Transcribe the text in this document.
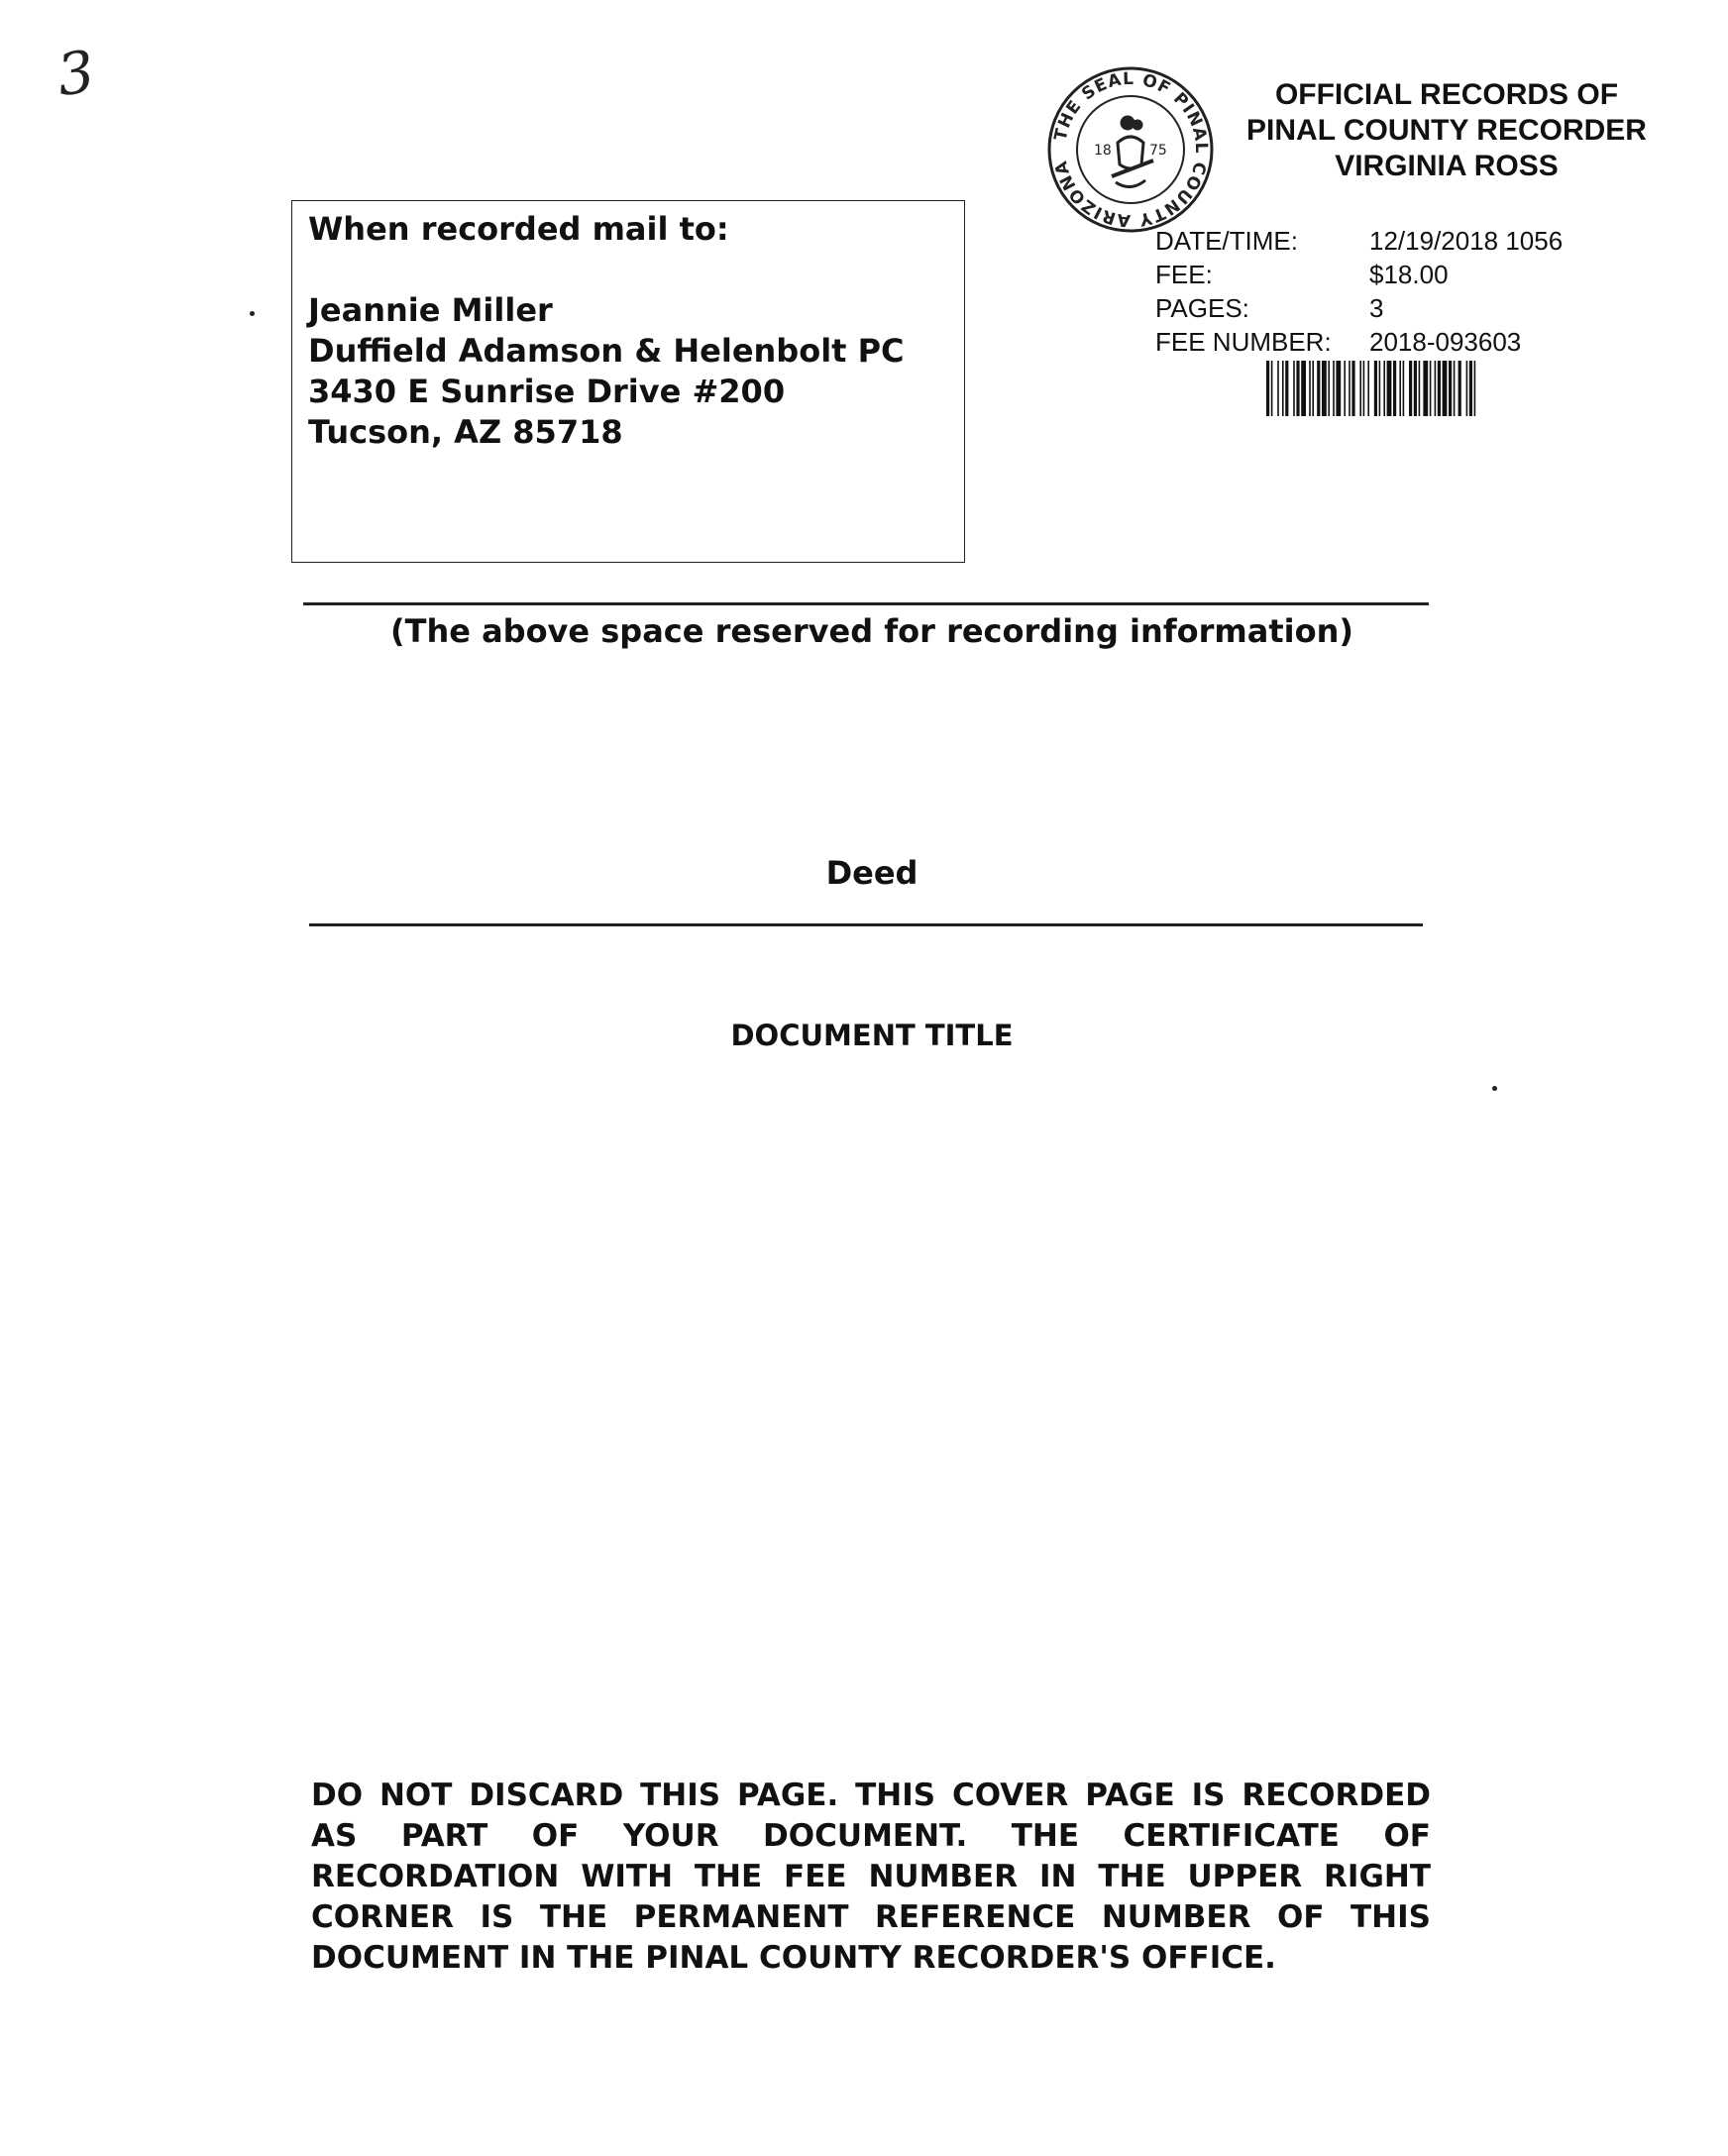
3
THE SEAL OF PINAL COUNTY ARIZONA
18	75
OFFICIAL RECORDS OF
PINAL COUNTY RECORDER
VIRGINIA ROSS
DATE/TIME:	12/19/2018 1056
FEE:	$18.00
PAGES:	3
FEE NUMBER:	2018-093603
When recorded mail to:
Jeannie Miller
Duffield Adamson & Helenbolt PC
3430 E Sunrise Drive #200
Tucson, AZ 85718
(The above space reserved for recording information)
Deed
DOCUMENT TITLE
DO NOT DISCARD THIS PAGE. THIS COVER PAGE IS RECORDED AS PART OF YOUR DOCUMENT. THE CERTIFICATE OF RECORDATION WITH THE FEE NUMBER IN THE UPPER RIGHT CORNER IS THE PERMANENT REFERENCE NUMBER OF THIS DOCUMENT IN THE PINAL COUNTY RECORDER'S OFFICE.
